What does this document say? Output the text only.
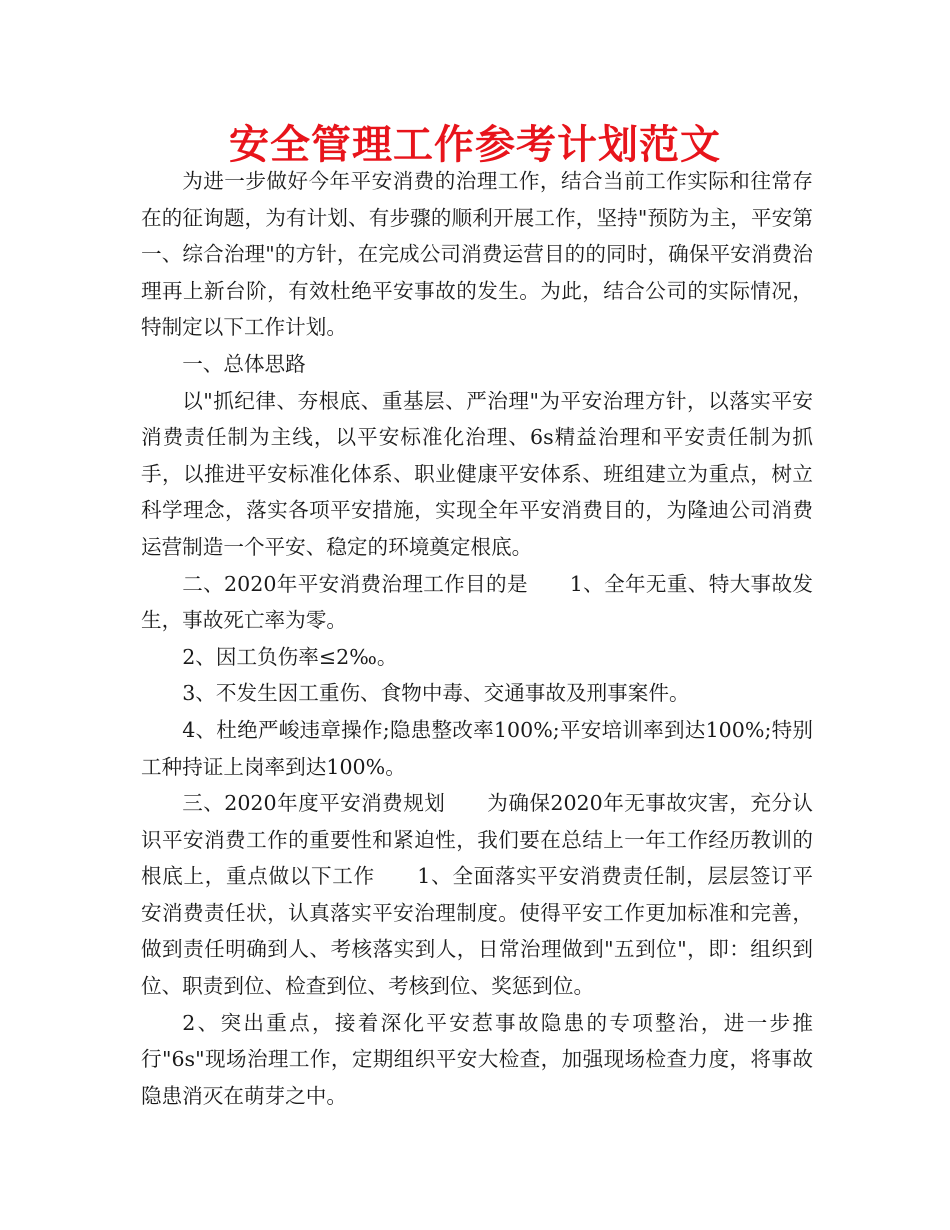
安全管理工作参考计划范文

为进一步做好今年平安消费的治理工作，结合当前工作实际和往常存在的征询题，为有计划、有步骤的顺利开展工作，坚持"预防为主，平安第一、综合治理"的方针，在完成公司消费运营目的的同时，确保平安消费治理再上新台阶，有效杜绝平安事故的发生。为此，结合公司的实际情况，特制定以下工作计划。

一、总体思路

以"抓纪律、夯根底、重基层、严治理"为平安治理方针，以落实平安消费责任制为主线，以平安标准化治理、6s精益治理和平安责任制为抓手，以推进平安标准化体系、职业健康平安体系、班组建立为重点，树立科学理念，落实各项平安措施，实现全年平安消费目的，为隆迪公司消费运营制造一个平安、稳定的环境奠定根底。

二、2020年平安消费治理工作目的是　　1、全年无重、特大事故发生，事故死亡率为零。

2、因工负伤率≤2‰。

3、不发生因工重伤、食物中毒、交通事故及刑事案件。

4、杜绝严峻违章操作;隐患整改率100%;平安培训率到达100%;特别工种持证上岗率到达100%。

三、2020年度平安消费规划　　为确保2020年无事故灾害，充分认识平安消费工作的重要性和紧迫性，我们要在总结上一年工作经历教训的根底上，重点做以下工作　　1、全面落实平安消费责任制，层层签订平安消费责任状，认真落实平安治理制度。使得平安工作更加标准和完善，做到责任明确到人、考核落实到人，日常治理做到"五到位"，即：组织到位、职责到位、检查到位、考核到位、奖惩到位。

2、突出重点，接着深化平安惹事故隐患的专项整治，进一步推行"6s"现场治理工作，定期组织平安大检查，加强现场检查力度，将事故隐患消灭在萌芽之中。
